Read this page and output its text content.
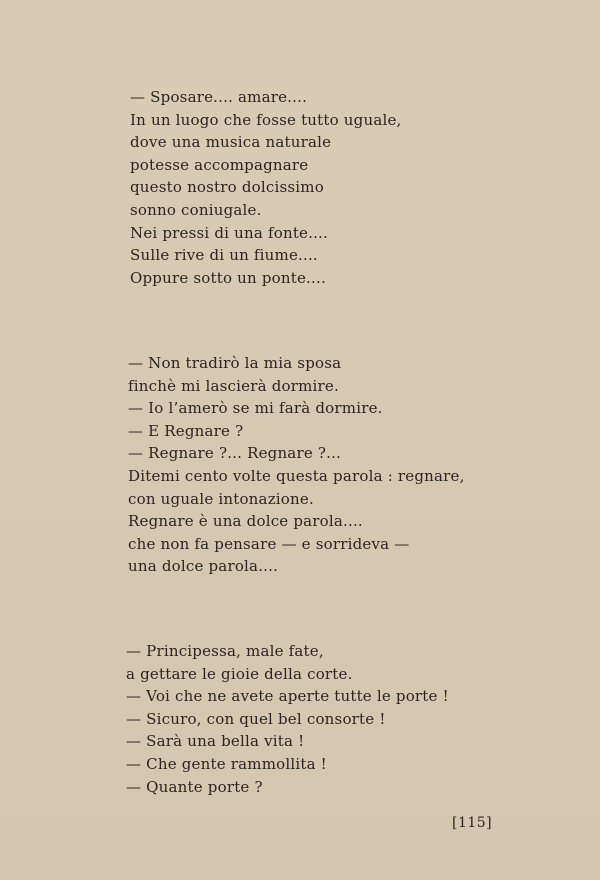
— Sposare.... amare....
In un luogo che fosse tutto uguale,
dove una musica naturale
potesse accompagnare
questo nostro dolcissimo
sonno coniugale.
Nei pressi di una fonte....
Sulle rive di un fiume....
Oppure sotto un ponte....
— Non tradirò la mia sposa
finchè mi lascierà dormire.
— Io l’amerò se mi farà dormire.
— E Regnare ?
— Regnare ?... Regnare ?...
Ditemi cento volte questa parola : regnare,
con uguale intonazione.
Regnare è una dolce parola....
che non fa pensare — e sorrideva —
una dolce parola....
— Principessa, male fate,
a gettare le gioie della corte.
— Voi che ne avete aperte tutte le porte !
— Sicuro, con quel bel consorte !
— Sarà una bella vita !
— Che gente rammollita !
— Quante porte ?
[115]
